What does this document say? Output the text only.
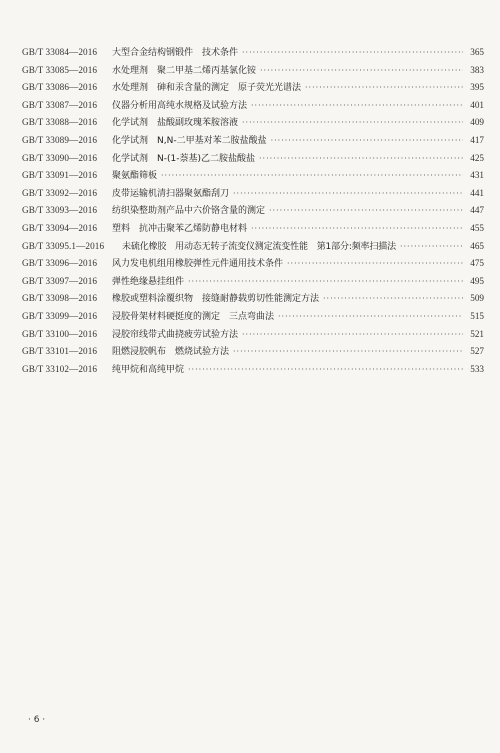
GB/T 33084—2016	大型合金结构钢锻件　技术条件 ·····	365
GB/T 33085—2016	水处理剂　聚二甲基二烯丙基氯化铵 ·····	383
GB/T 33086—2016	水处理剂　砷和汞含量的测定　原子荧光光谱法 ·····	395
GB/T 33087—2016	仪器分析用高纯水规格及试验方法 ·····	401
GB/T 33088—2016	化学试剂　盐酸副玫瑰苯胺溶液 ·····	409
GB/T 33089—2016	化学试剂　N,N-二甲基对苯二胺盐酸盐 ·····	417
GB/T 33090—2016	化学试剂　N-(1-萘基)乙二胺盐酸盐 ·····	425
GB/T 33091—2016	聚氨酯筛板 ·····	431
GB/T 33092—2016	皮带运输机清扫器聚氨酯刮刀 ·····	441
GB/T 33093—2016	纺织染整助剂产品中六价铬含量的测定 ·····	447
GB/T 33094—2016	塑料　抗冲击聚苯乙烯防静电材料 ·····	455
GB/T 33095.1—2016	未硫化橡胶　用动态无转子流变仪测定流变性能　第1部分:频率扫描法 ·····	465
GB/T 33096—2016	风力发电机组用橡胶弹性元件通用技术条件 ·····	475
GB/T 33097—2016	弹性绝缘悬挂组件 ·····	495
GB/T 33098—2016	橡胶或塑料涂覆织物　接缝耐静载剪切性能测定方法 ·····	509
GB/T 33099—2016	浸胶骨架材料硬挺度的测定　三点弯曲法 ·····	515
GB/T 33100—2016	浸胶帘线带式曲挠疲劳试验方法 ·····	521
GB/T 33101—2016	阻燃浸胶帆布　燃烧试验方法 ·····	527
GB/T 33102—2016	纯甲烷和高纯甲烷 ·····	533
· 6 ·
